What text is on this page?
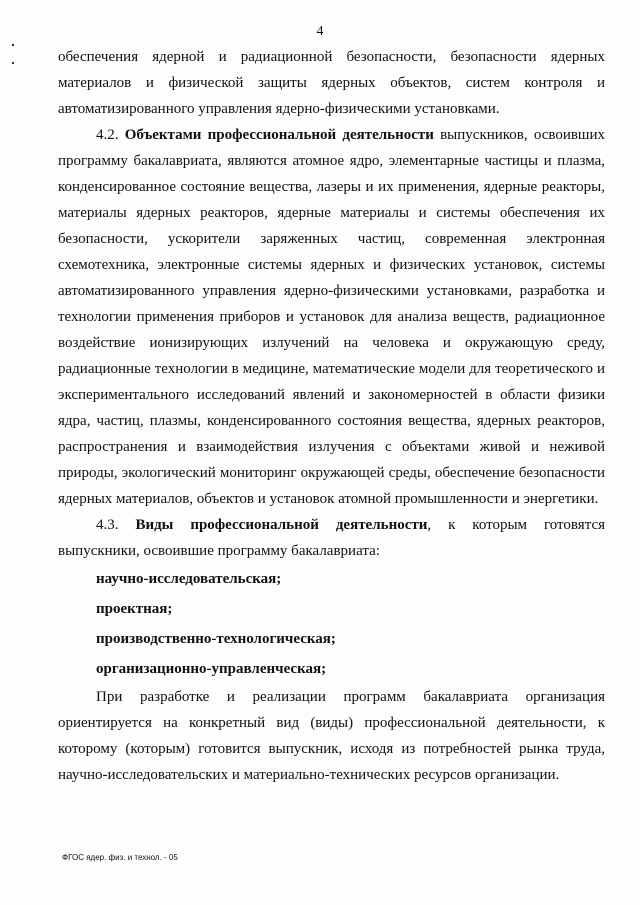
4

обеспечения ядерной и радиационной безопасности, безопасности ядерных материалов и физической защиты ядерных объектов, систем контроля и автоматизированного управления ядерно-физическими установками.

4.2. Объектами профессиональной деятельности выпускников, освоивших программу бакалавриата, являются атомное ядро, элементарные частицы и плазма, конденсированное состояние вещества, лазеры и их применения, ядерные реакторы, материалы ядерных реакторов, ядерные материалы и системы обеспечения их безопасности, ускорители заряженных частиц, современная электронная схемотехника, электронные системы ядерных и физических установок, системы автоматизированного управления ядерно-физическими установками, разработка и технологии применения приборов и установок для анализа веществ, радиационное воздействие ионизирующих излучений на человека и окружающую среду, радиационные технологии в медицине, математические модели для теоретического и экспериментального исследований явлений и закономерностей в области физики ядра, частиц, плазмы, конденсированного состояния вещества, ядерных реакторов, распространения и взаимодействия излучения с объектами живой и неживой природы, экологический мониторинг окружающей среды, обеспечение безопасности ядерных материалов, объектов и установок атомной промышленности и энергетики.

4.3. Виды профессиональной деятельности, к которым готовятся выпускники, освоившие программу бакалавриата:

научно-исследовательская;

проектная;

производственно-технологическая;

организационно-управленческая;

При разработке и реализации программ бакалавриата организация ориентируется на конкретный вид (виды) профессиональной деятельности, к которому (которым) готовится выпускник, исходя из потребностей рынка труда, научно-исследовательских и материально-технических ресурсов организации.

ФГОС ядер. физ. и технол. - 05
